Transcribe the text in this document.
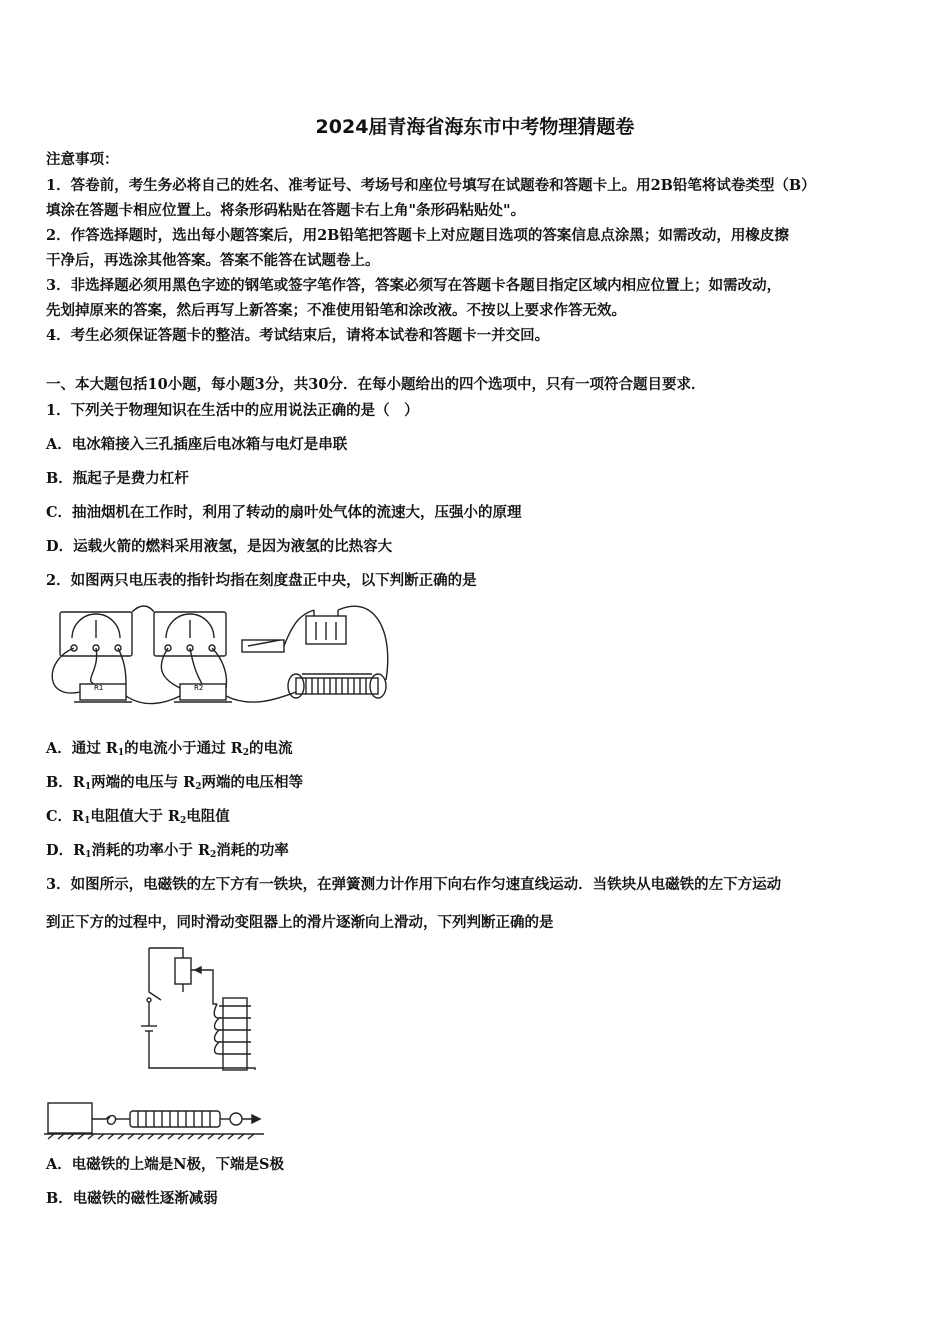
2024届青海省海东市中考物理猜题卷
注意事项：
1．答卷前，考生务必将自己的姓名、准考证号、考场号和座位号填写在试题卷和答题卡上。用2B铅笔将试卷类型（B）
填涂在答题卡相应位置上。将条形码粘贴在答题卡右上角"条形码粘贴处"。
2．作答选择题时，选出每小题答案后，用2B铅笔把答题卡上对应题目选项的答案信息点涂黑；如需改动，用橡皮擦
干净后，再选涂其他答案。答案不能答在试题卷上。
3．非选择题必须用黑色字迹的钢笔或签字笔作答，答案必须写在答题卡各题目指定区域内相应位置上；如需改动，
先划掉原来的答案，然后再写上新答案；不准使用铅笔和涂改液。不按以上要求作答无效。
4．考生必须保证答题卡的整洁。考试结束后，请将本试卷和答题卡一并交回。
一、本大题包括10小题，每小题3分，共30分．在每小题给出的四个选项中，只有一项符合题目要求．
1．下列关于物理知识在生活中的应用说法正确的是（　）
A．电冰箱接入三孔插座后电冰箱与电灯是串联
B．瓶起子是费力杠杆
C．抽油烟机在工作时，利用了转动的扇叶处气体的流速大，压强小的原理
D．运载火箭的燃料采用液氢，是因为液氢的比热容大
2．如图两只电压表的指针均指在刻度盘正中央，以下判断正确的是
R1	R2
A．通过 $R_1$的电流小于通过 $R_2$的电流
B．$R_1$两端的电压与 $R_2$两端的电压相等
C．$R_1$电阻值大于 $R_2$电阻值
D．$R_1$消耗的功率小于 $R_2$消耗的功率
3．如图所示，电磁铁的左下方有一铁块，在弹簧测力计作用下向右作匀速直线运动．当铁块从电磁铁的左下方运动
到正下方的过程中，同时滑动变阻器上的滑片逐渐向上滑动，下列判断正确的是
A．电磁铁的上端是N极，下端是S极
B．电磁铁的磁性逐渐减弱
